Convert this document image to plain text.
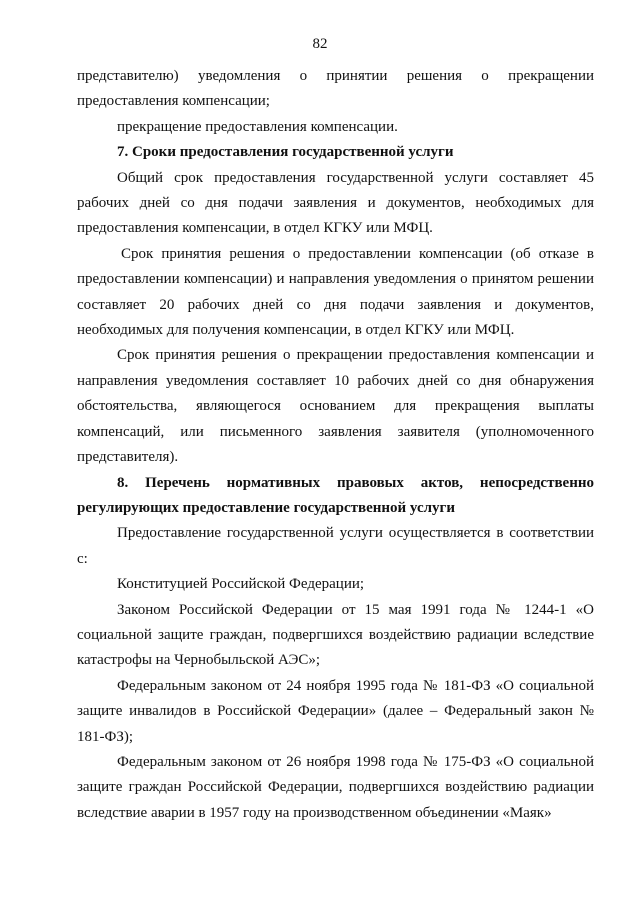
82

представителю) уведомления о принятии решения о прекращении предоставления компенсации;

прекращение предоставления компенсации.

7. Сроки предоставления государственной услуги

Общий срок предоставления государственной услуги составляет 45 рабочих дней со дня подачи заявления и документов, необходимых для предоставления компенсации, в отдел КГКУ или МФЦ.

Срок принятия решения о предоставлении компенсации (об отказе в предоставлении компенсации) и направления уведомления о принятом решении составляет 20 рабочих дней со дня подачи заявления и документов, необходимых для получения компенсации, в отдел КГКУ или МФЦ.

Срок принятия решения о прекращении предоставления компенсации и направления уведомления составляет 10 рабочих дней со дня обнаружения обстоятельства, являющегося основанием для прекращения выплаты компенсаций, или письменного заявления заявителя (уполномоченного представителя).

8. Перечень нормативных правовых актов, непосредственно регулирующих предоставление государственной услуги

Предоставление государственной услуги осуществляется в соответствии с:

Конституцией Российской Федерации;

Законом Российской Федерации от 15 мая 1991 года № 1244-1 «О социальной защите граждан, подвергшихся воздействию радиации вследствие катастрофы на Чернобыльской АЭС»;

Федеральным законом от 24 ноября 1995 года № 181-ФЗ «О социальной защите инвалидов в Российской Федерации» (далее – Федеральный закон № 181-ФЗ);

Федеральным законом от 26 ноября 1998 года № 175-ФЗ «О социальной защите граждан Российской Федерации, подвергшихся воздействию радиации вследствие аварии в 1957 году на производственном объединении «Маяк»
